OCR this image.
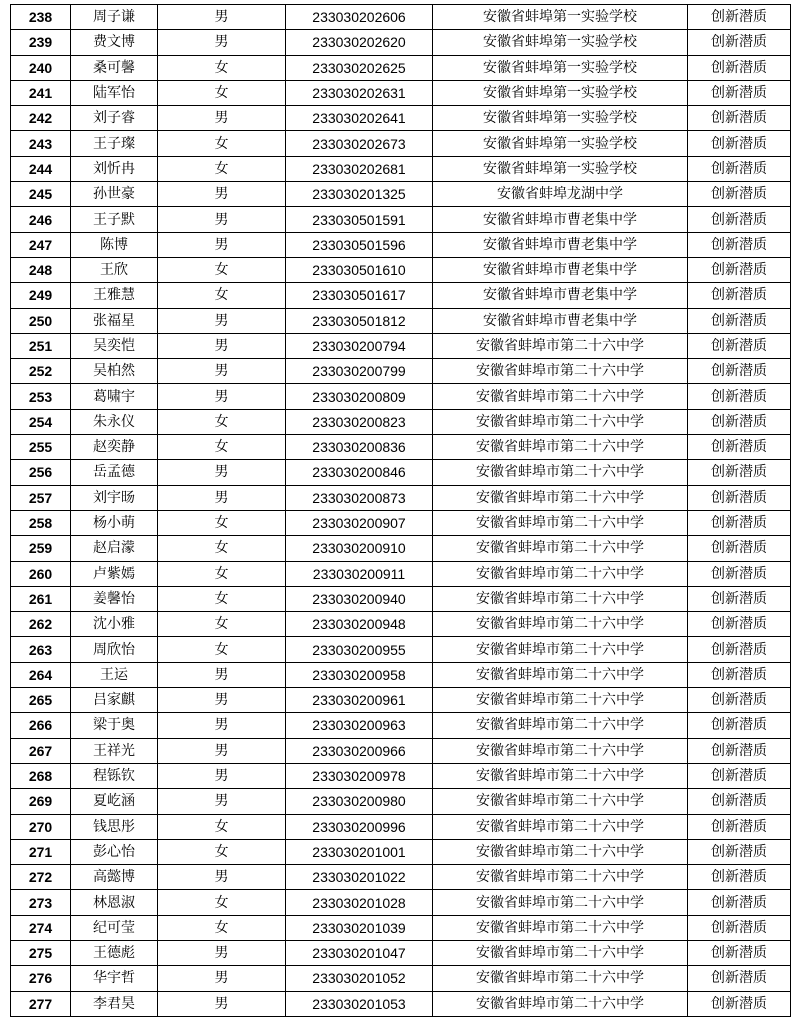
238	周子谦	男	233030202606	安徽省蚌埠第一实验学校	创新潜质
239	费文博	男	233030202620	安徽省蚌埠第一实验学校	创新潜质
240	桑可馨	女	233030202625	安徽省蚌埠第一实验学校	创新潜质
241	陆军怡	女	233030202631	安徽省蚌埠第一实验学校	创新潜质
242	刘子睿	男	233030202641	安徽省蚌埠第一实验学校	创新潜质
243	王子璨	女	233030202673	安徽省蚌埠第一实验学校	创新潜质
244	刘忻冉	女	233030202681	安徽省蚌埠第一实验学校	创新潜质
245	孙世豪	男	233030201325	安徽省蚌埠龙湖中学	创新潜质
246	王子默	男	233030501591	安徽省蚌埠市曹老集中学	创新潜质
247	陈博	男	233030501596	安徽省蚌埠市曹老集中学	创新潜质
248	王欣	女	233030501610	安徽省蚌埠市曹老集中学	创新潜质
249	王雅慧	女	233030501617	安徽省蚌埠市曹老集中学	创新潜质
250	张福星	男	233030501812	安徽省蚌埠市曹老集中学	创新潜质
251	吴奕恺	男	233030200794	安徽省蚌埠市第二十六中学	创新潜质
252	吴柏然	男	233030200799	安徽省蚌埠市第二十六中学	创新潜质
253	葛啸宇	男	233030200809	安徽省蚌埠市第二十六中学	创新潜质
254	朱永仪	女	233030200823	安徽省蚌埠市第二十六中学	创新潜质
255	赵奕静	女	233030200836	安徽省蚌埠市第二十六中学	创新潜质
256	岳孟德	男	233030200846	安徽省蚌埠市第二十六中学	创新潜质
257	刘宇旸	男	233030200873	安徽省蚌埠市第二十六中学	创新潜质
258	杨小萌	女	233030200907	安徽省蚌埠市第二十六中学	创新潜质
259	赵启濛	女	233030200910	安徽省蚌埠市第二十六中学	创新潜质
260	卢紫嫣	女	233030200911	安徽省蚌埠市第二十六中学	创新潜质
261	姜馨怡	女	233030200940	安徽省蚌埠市第二十六中学	创新潜质
262	沈小雅	女	233030200948	安徽省蚌埠市第二十六中学	创新潜质
263	周欣怡	女	233030200955	安徽省蚌埠市第二十六中学	创新潜质
264	王运	男	233030200958	安徽省蚌埠市第二十六中学	创新潜质
265	吕家麒	男	233030200961	安徽省蚌埠市第二十六中学	创新潜质
266	梁于奥	男	233030200963	安徽省蚌埠市第二十六中学	创新潜质
267	王祥光	男	233030200966	安徽省蚌埠市第二十六中学	创新潜质
268	程铄钦	男	233030200978	安徽省蚌埠市第二十六中学	创新潜质
269	夏屹涵	男	233030200980	安徽省蚌埠市第二十六中学	创新潜质
270	钱思彤	女	233030200996	安徽省蚌埠市第二十六中学	创新潜质
271	彭心怡	女	233030201001	安徽省蚌埠市第二十六中学	创新潜质
272	高懿博	男	233030201022	安徽省蚌埠市第二十六中学	创新潜质
273	林恩淑	女	233030201028	安徽省蚌埠市第二十六中学	创新潜质
274	纪可莹	女	233030201039	安徽省蚌埠市第二十六中学	创新潜质
275	王德彪	男	233030201047	安徽省蚌埠市第二十六中学	创新潜质
276	华宇哲	男	233030201052	安徽省蚌埠市第二十六中学	创新潜质
277	李君昊	男	233030201053	安徽省蚌埠市第二十六中学	创新潜质
